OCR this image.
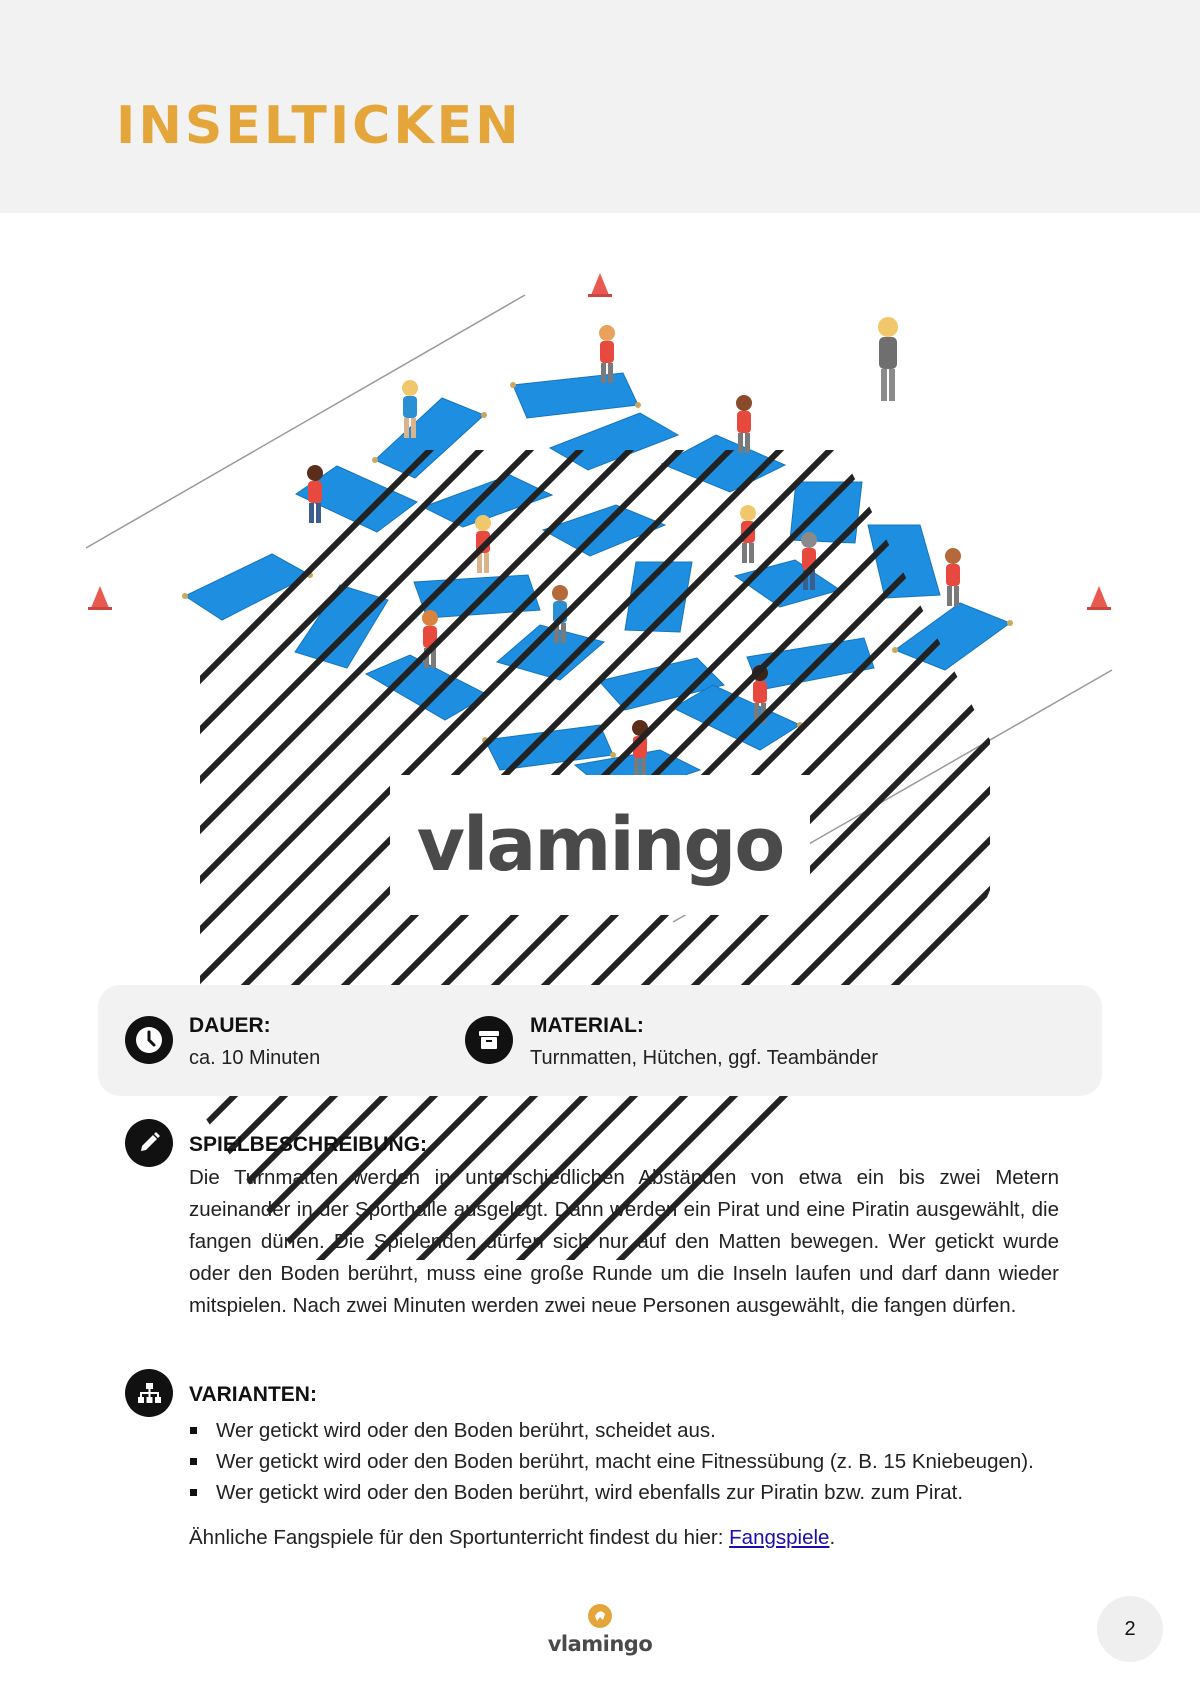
INSELTICKEN
vlamingo
DAUER:
ca. 10 Minuten
MATERIAL:
Turnmatten, Hütchen, ggf. Teambänder
SPIELBESCHREIBUNG:

Die Turnmatten werden in unterschiedlichen Abständen von etwa ein bis zwei Metern zueinander in der Sporthalle ausgelegt. Dann werden ein Pirat und eine Piratin ausgewählt, die fangen dürfen. Die Spielenden dürfen sich nur auf den Matten bewegen. Wer getickt wurde oder den Boden berührt, muss eine große Runde um die Inseln laufen und darf dann wieder mitspielen. Nach zwei Minuten werden zwei neue Personen ausgewählt, die fangen dürfen.

VARIANTEN:
Wer getickt wird oder den Boden berührt, scheidet aus.
Wer getickt wird oder den Boden berührt, macht eine Fitnessübung (z. B. 15 Kniebeugen).
Wer getickt wird oder den Boden berührt, wird ebenfalls zur Piratin bzw. zum Pirat.

Ähnliche Fangspiele für den Sportunterricht findest du hier: Fangspiele.

vlamingo
2
